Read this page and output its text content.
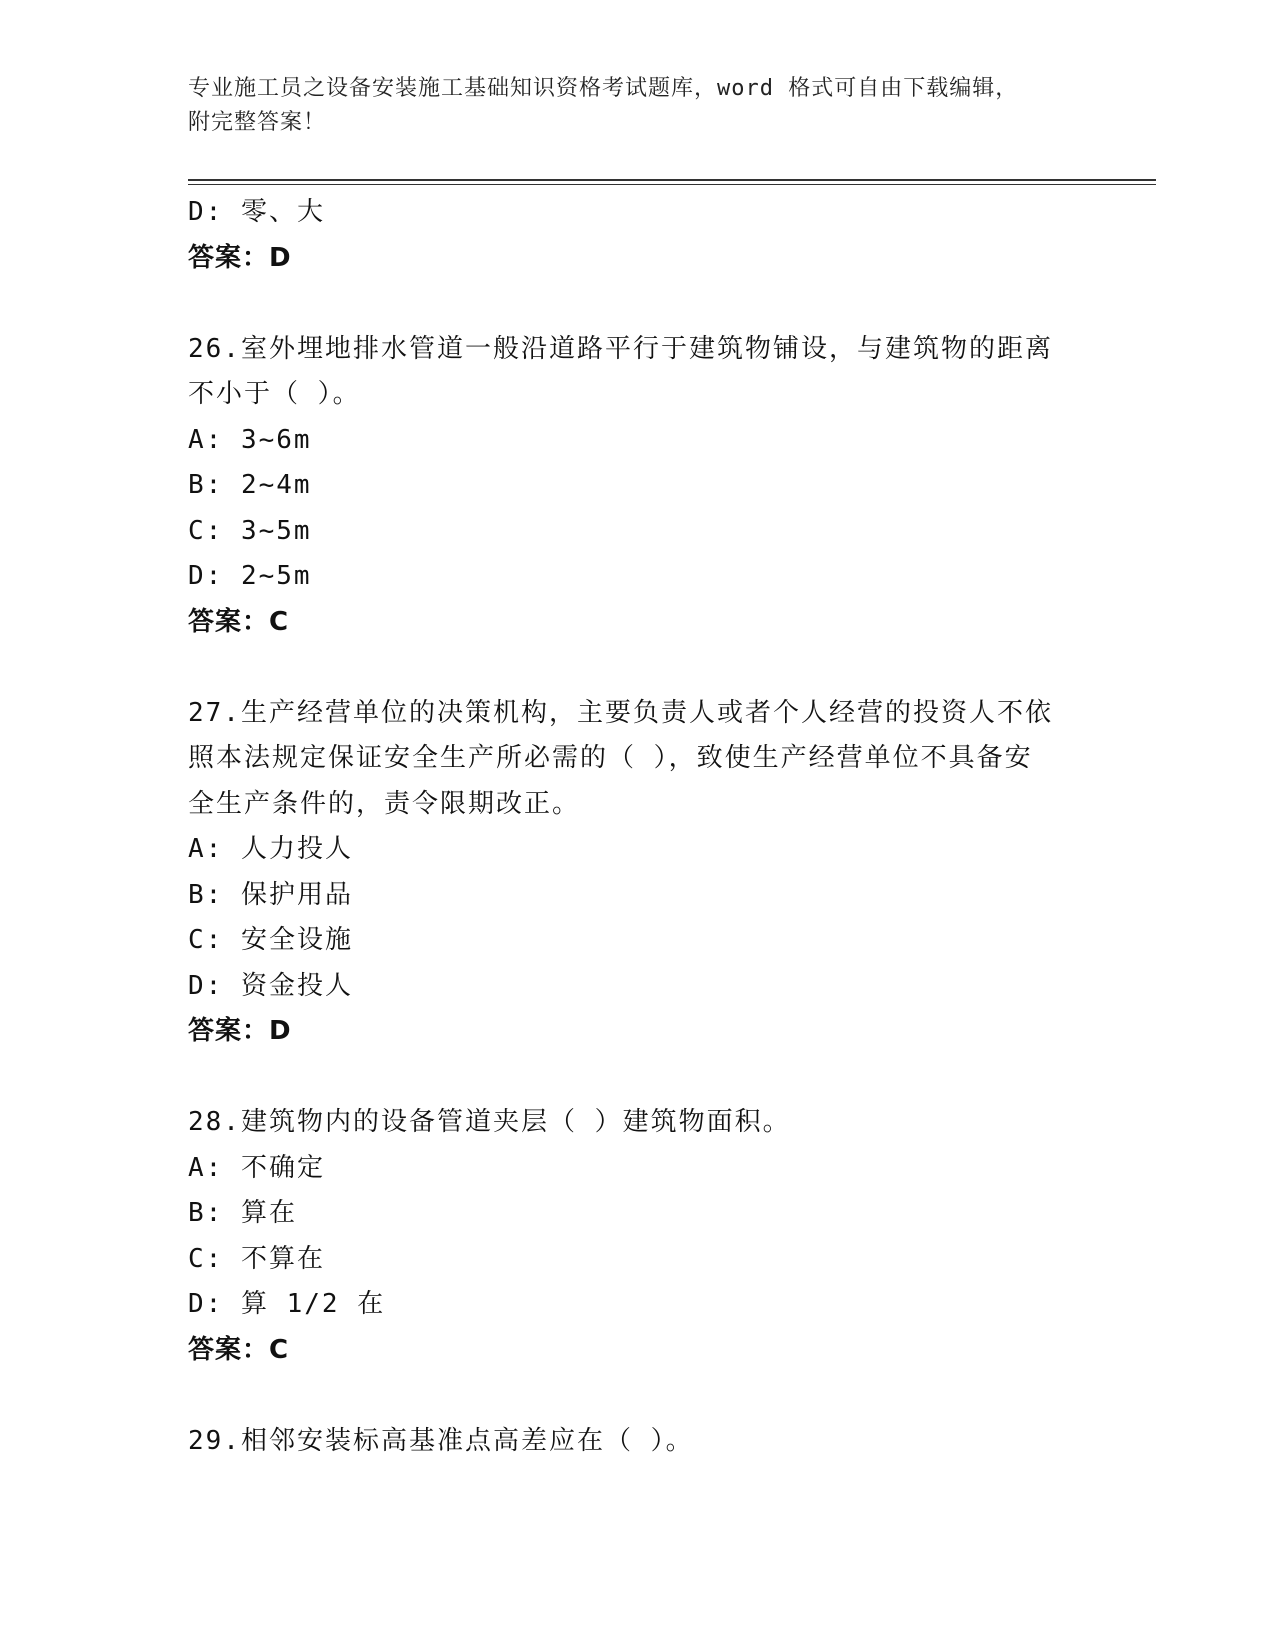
专业施工员之设备安装施工基础知识资格考试题库，word 格式可自由下载编辑，
附完整答案！

D: 零、大

答案：D

26.室外埋地排水管道一般沿道路平行于建筑物铺设，与建筑物的距离

不小于（ ）。

A: 3~6m

B: 2~4m

C: 3~5m

D: 2~5m

答案：C

27.生产经营单位的决策机构，主要负责人或者个人经营的投资人不依

照本法规定保证安全生产所必需的（ ），致使生产经营单位不具备安

全生产条件的，责令限期改正。

A: 人力投人

B: 保护用品

C: 安全设施

D: 资金投人

答案：D

28.建筑物内的设备管道夹层（ ）建筑物面积。

A: 不确定

B: 算在

C: 不算在

D: 算 1/2 在

答案：C

29.相邻安装标高基准点高差应在（ ）。
